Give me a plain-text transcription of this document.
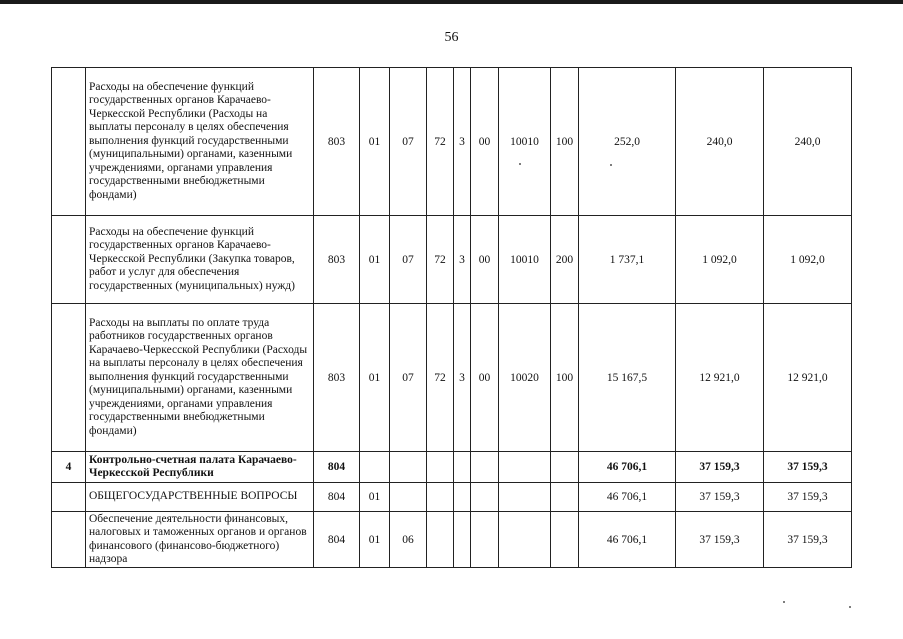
56
	Расходы на обеспечение функций государственных органов Карачаево-Черкесской Республики (Расходы на выплаты персоналу в целях обеспечения выполнения функций государственными (муниципальными) органами, казенными учреждениями, органами управления государственными внебюджетными фондами)	803	01	07	72	3	00	10010	100	252,0	240,0	240,0
	Расходы на обеспечение функций государственных органов Карачаево-Черкесской Республики (Закупка товаров, работ и услуг для обеспечения государственных (муниципальных) нужд)	803	01	07	72	3	00	10010	200	1 737,1	1 092,0	1 092,0
	Расходы на выплаты по оплате труда работников государственных органов Карачаево-Черкесской Республики (Расходы на выплаты персоналу в целях обеспечения выполнения функций государственными (муниципальными) органами, казенными учреждениями, органами управления государственными внебюджетными фондами)	803	01	07	72	3	00	10020	100	15 167,5	12 921,0	12 921,0
4	Контрольно-счетная палата Карачаево-Черкесской Республики	804								46 706,1	37 159,3	37 159,3
	ОБЩЕГОСУДАРСТВЕННЫЕ ВОПРОСЫ	804	01							46 706,1	37 159,3	37 159,3
	Обеспечение деятельности финансовых, налоговых и таможенных органов и органов финансового (финансово-бюджетного) надзора	804	01	06						46 706,1	37 159,3	37 159,3
